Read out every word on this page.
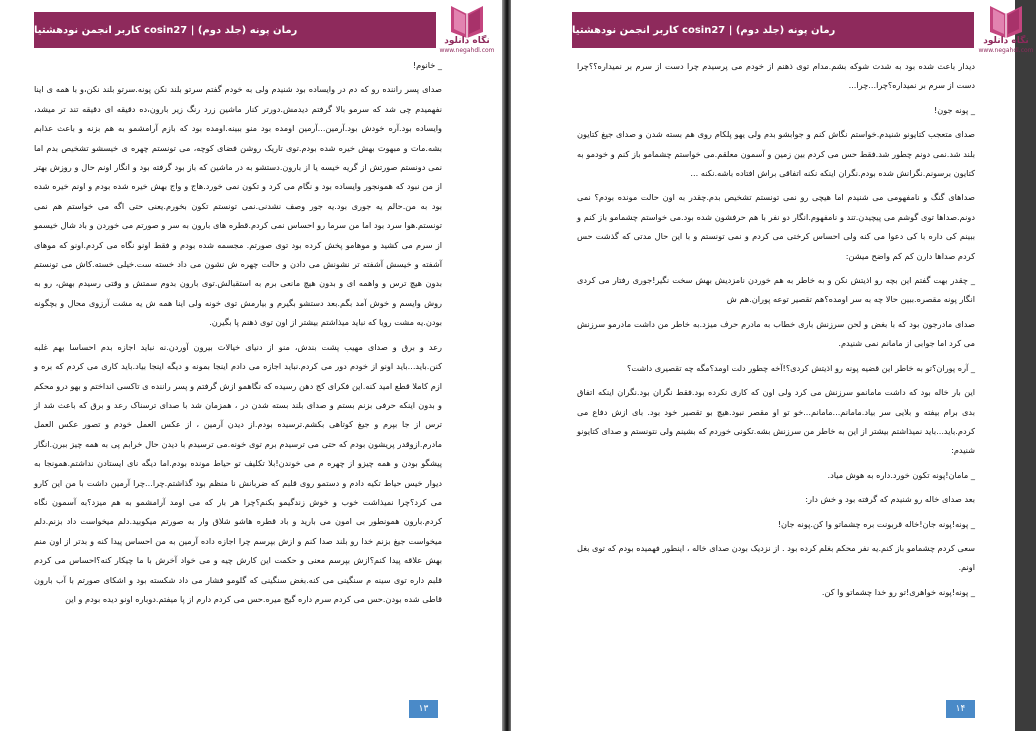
رمان پونه (جلد دوم) | cosin27 کاربر انجمن نودهشتیا
نگاه دانلود
www.negahdl.com

_ خانوم!

صدای پسر راننده رو که دم در وایساده بود شنیدم ولی به خودم گفتم سرتو بلند نکن پونه.سرتو بلند نکن،و با همه ی اینا نفهمیدم چی شد که سرمو بالا گرفتم دیدمش.دورتر کنار ماشین زرد رنگ زیر بارون،ده دقیقه ای دقیقه تند تر میشد، وایساده بود.آره خودش بود.آرمین...آرمین اومده بود منو ببینه.اومده بود که بازم آرامشمو به هم بزنه و باعث عذابم بشه.مات و مبهوت بهش خیره شده بودم.توی تاریک روشن فضای کوچه، می تونستم چهره ی خیسشو تشخیص بدم اما نمی دونستم صورتش از گریه خیسه یا از بارون.دستشو به در ماشین که باز بود گرفته بود و انگار اونم حال و روزش بهتر از من نبود که همونجور وایساده بود و نگام می کرد و تکون نمی خورد.هاج و واج بهش خیره شده بودم و اونم خیره شده بود به من.حالم یه جوری بود.یه جور وصف نشدنی.نمی تونستم تکون بخورم.یعنی حتی اگه می خواستم هم نمی تونستم.هوا سرد بود اما من سرما رو احساس نمی کردم.قطره های بارون به سر و صورتم می خوردن و باد شال خیسمو از سرم می کشید و موهامو پخش کرده بود توی صورتم. مجسمه شده بودم و فقط اونو نگاه می کردم.اونو که موهای آشفته و خیسش آشفته تر نشونش می دادن و حالت چهره ش نشون می داد خسته ست.خیلی خسته.کاش می تونستم بدون هیچ ترس و واهمه ای و بدون هیچ مانعی برم به استقبالش.توی بارون بدوم سمتش و وقتی رسیدم بهش، رو به روش وایسم و خوش آمد بگم.بعد دستشو بگیرم و بیارمش توی خونه ولی اینا همه ش یه مشت آرزوی محال و بچگونه بودن.یه مشت رویا که نباید میذاشتم بیشتر از اون توی ذهنم پا بگیرن.

رعد و برق و صدای مهیب پشت بندش، منو از دنیای خیالات بیرون آوردن.نه نباید اجازه بدم احساسا بهم غلبه کنن.باید...باید اونو از خودم دور می کردم.نباید اجازه می دادم اینجا بمونه و دیگه اینجا بیاد.باید کاری می کردم که بره و ازم کاملا قطع امید کنه.این فکرای کج دهن رسیده که نگاهمو ازش گرفتم و پسر راننده ی تاکسی انداختم و بهو درو محکم و بدون اینکه حرفی بزنم بستم و صدای بلند بسته شدن در ، همزمان شد با صدای ترسناک رعد و برق که باعث شد از ترس از جا بپرم و جیغ کوتاهی بکشم.ترسیده بودم.از دیدن آرمین ، از عکس العمل خودم و تصور عکس العمل مادرم.ازوقدر پریشون بودم که حتی می ترسیدم برم توی خونه.می ترسیدم با دیدن حال خرابم پی به همه چیز ببرن.انگار پیشگو بودن و همه چیزو از چهره م می خوندن!بلا تکلیف تو حیاط مونده بودم.اما دیگه نای ایستادن نداشتم.همونجا به دیوار خیس حیاط تکیه دادم و دستمو روی قلبم که ضربانش نا منظم بود گذاشتم.چرا...چرا آرمین داشت با من این کارو می کرد؟چرا نمیذاشت خوب و خوش زندگیمو بکنم؟چرا هر بار که می اومد آرامشمو به هم میزد؟به آسمون نگاه کردم.بارون همونطور بی امون می بارید و باد قطره هاشو شلاق وار به صورتم میکوبید.دلم میخواست داد بزنم.دلم میخواست جیغ بزنم خدا رو بلند صدا کنم و ازش بپرسم چرا اجازه داده آرمین به من احساس پیدا کنه و بدتر از اون منم بهش علاقه پیدا کنم؟ازش بپرسم معنی و حکمت این کارش چیه و می خواد آخرش با ما چیکار کنه؟احساس می کردم قلبم داره توی سینه م سنگینی می کنه.بغض سنگینی که گلومو فشار می داد شکسته بود و اشکای صورتم با آب بارون قاطی شده بودن.حس می کردم سرم داره گیج میره.حس می کردم دارم از پا میفتم.دوباره اونو دیده بودم و این

۱۳
رمان پونه (جلد دوم) | cosin27 کاربر انجمن نودهشتیا
نگاه دانلود
www.negahdl.com

دیدار باعث شده بود به شدت شوکه بشم.مدام توی ذهنم از خودم می پرسیدم چرا دست از سرم بر نمیداره؟؟چرا دست از سرم بر نمیداره؟چرا...چرا...

_ پونه جون!

صدای متعجب کتایونو شنیدم.خواستم نگاش کنم و جوابشو بدم ولی یهو پلکام روی هم بسته شدن و صدای جیغ کتایون بلند شد.نمی دونم چطور شد.فقط حس می کردم بین زمین و آسمون معلقم.می خواستم چشمامو باز کنم و خودمو به کتایون برسونم.نگرانش شده بودم.نگران اینکه نکنه اتفاقی براش افتاده باشه.نکنه ...

صداهای گنگ و نامفهومی می شنیدم اما هیچی رو نمی تونستم تشخیص بدم.چقدر به اون حالت مونده بودم؟ نمی دونم.صداها توی گوشم می پیچیدن.تند و نامفهوم.انگار دو نفر با هم حرفشون شده بود.می خواستم چشمامو باز کنم و ببینم کی داره با کی دعوا می کنه ولی احساس کرختی می کردم و نمی تونستم و با این حال مدتی که گذشت حس کردم صداها دارن کم کم واضح میشن:

_ چقدر بهت گفتم این بچه رو اذیتش نکن و به خاطر به هم خوردن نامزدیش بهش سخت نگیر!جوری رفتار می کردی انگار پونه مقصره.ببین حالا چه به سر اومده؟هم تقصیر توعه پوران.هم ش

صدای مادرجون بود که با بغض و لحن سرزنش باری خطاب به مادرم حرف میزد.به خاطر من داشت مادرمو سرزنش می کرد اما جوابی از مامانم نمی شنیدم.

_ آره پوران؟تو به خاطر این قضیه پونه رو اذیتش کردی؟!آخه چطور دلت اومد؟مگه چه تقصیری داشت؟

این بار خاله بود که داشت مامانمو سرزنش می کرد ولی اون که کاری نکرده بود.فقط نگران بود.نگران اینکه اتفاق بدی برام بیفته و بلایی سر بیاد.مامانم...مامانم...خو تو او مقصر نبود.هیچ بو تقصیر خود بود. بای ازش دفاع می کردم.باید...باید نمیذاشتم بیشتر از این به خاطر من سرزنش بشه.تکونی خوردم که بشینم ولی نتونستم و صدای کتایونو شنیدم:

_ مامان!پونه تکون خورد.داره به هوش میاد.

بعد صدای خاله رو شنیدم که گرفته بود و خش دار:

_ پونه!پونه جان!خاله قربونت بره چشماتو وا کن.پونه جان!

سعی کردم چشمامو باز کنم.یه نفر محکم بغلم کرده بود . از نزدیک بودن صدای خاله ، اینطور فهمیده بودم که توی بغل اونم.

_ پونه!پونه خواهری!تو رو خدا چشماتو وا کن.

۱۴
